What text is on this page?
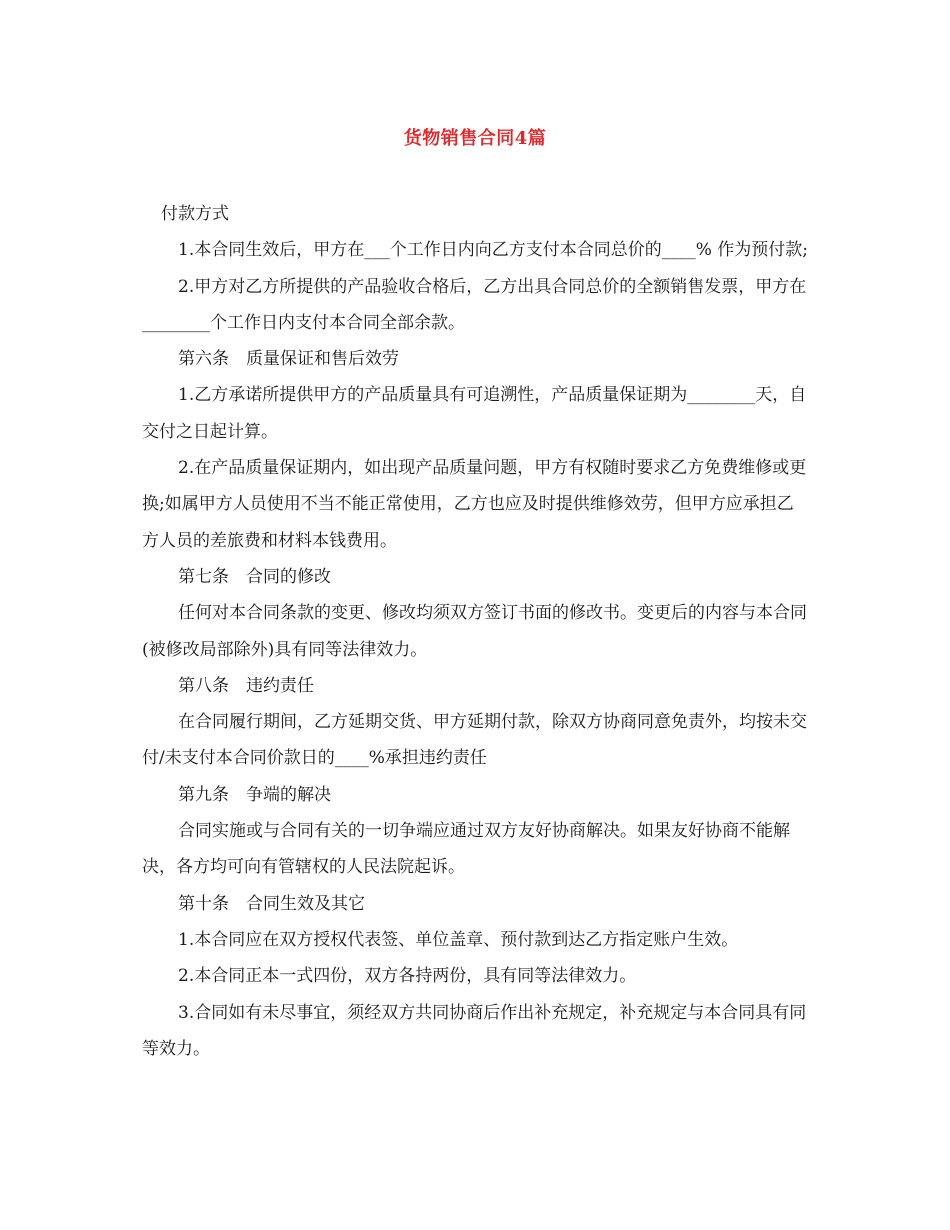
货物销售合同4篇

付款方式

1.本合同生效后，甲方在___个工作日内向乙方支付本合同总价的____% 作为预付款;

2.甲方对乙方所提供的产品验收合格后，乙方出具合同总价的全额销售发票，甲方在________个工作日内支付本合同全部余款。

第六条　质量保证和售后效劳

1.乙方承诺所提供甲方的产品质量具有可追溯性，产品质量保证期为________天，自交付之日起计算。

2.在产品质量保证期内，如出现产品质量问题，甲方有权随时要求乙方免费维修或更换;如属甲方人员使用不当不能正常使用，乙方也应及时提供维修效劳，但甲方应承担乙方人员的差旅费和材料本钱费用。

第七条　合同的修改

任何对本合同条款的变更、修改均须双方签订书面的修改书。变更后的内容与本合同(被修改局部除外)具有同等法律效力。

第八条　违约责任

在合同履行期间，乙方延期交货、甲方延期付款，除双方协商同意免责外，均按未交付/未支付本合同价款日的____%承担违约责任

第九条　争端的解决

合同实施或与合同有关的一切争端应通过双方友好协商解决。如果友好协商不能解决，各方均可向有管辖权的人民法院起诉。

第十条　合同生效及其它

1.本合同应在双方授权代表签、单位盖章、预付款到达乙方指定账户生效。

2.本合同正本一式四份，双方各持两份，具有同等法律效力。

3.合同如有未尽事宜，须经双方共同协商后作出补充规定，补充规定与本合同具有同等效力。
